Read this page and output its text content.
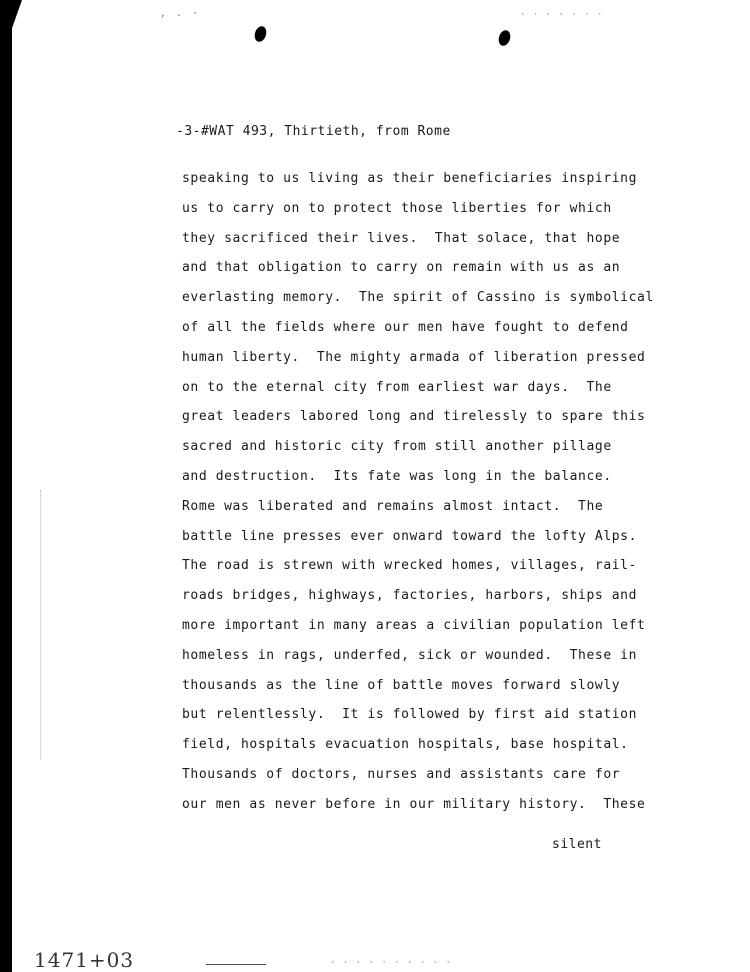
, . ·	· · · · · · ·
-3-#WAT 493, Thirtieth, from Rome
speaking to us living as their beneficiaries inspiring
us to carry on to protect those liberties for which
they sacrificed their lives.  That solace, that hope
and that obligation to carry on remain with us as an
everlasting memory.  The spirit of Cassino is symbolical
of all the fields where our men have fought to defend
human liberty.  The mighty armada of liberation pressed
on to the eternal city from earliest war days.  The
great leaders labored long and tirelessly to spare this
sacred and historic city from still another pillage
and destruction.  Its fate was long in the balance.
Rome was liberated and remains almost intact.  The
battle line presses ever onward toward the lofty Alps.
The road is strewn with wrecked homes, villages, rail-
roads bridges, highways, factories, harbors, ships and
more important in many areas a civilian population left
homeless in rags, underfed, sick or wounded.  These in
thousands as the line of battle moves forward slowly
but relentlessly.  It is followed by first aid station
field, hospitals evacuation hospitals, base hospital.
Thousands of doctors, nurses and assistants care for
our men as never before in our military history.  These
silent
1471+03	· · · · · · · · · ·
